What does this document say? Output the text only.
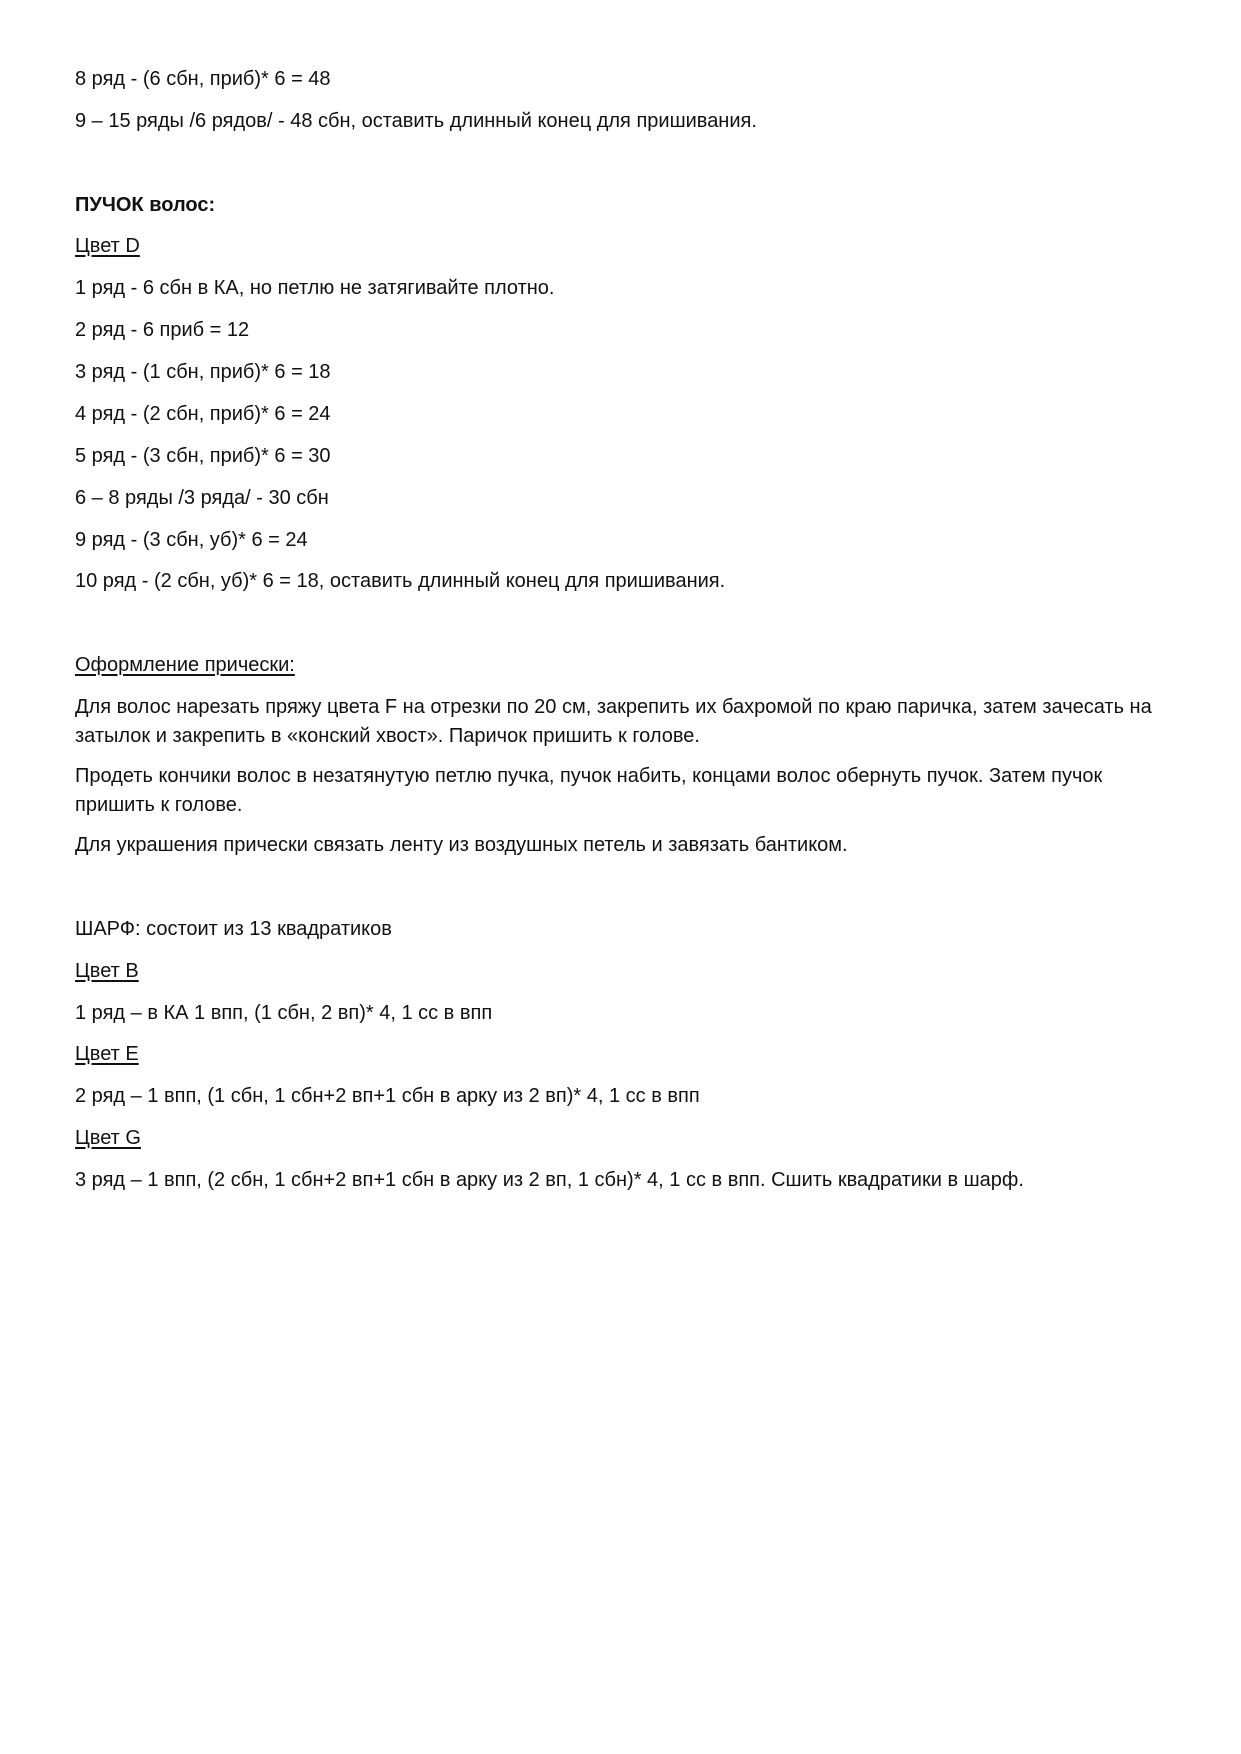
8 ряд - (6 сбн, приб)* 6 = 48
9 – 15 ряды /6 рядов/ - 48 сбн, оставить длинный конец для пришивания.
ПУЧОК волос:
Цвет D
1 ряд - 6 сбн в КА, но петлю не затягивайте плотно.
2 ряд - 6 приб = 12
3 ряд - (1 сбн, приб)* 6 = 18
4 ряд - (2 сбн, приб)* 6 = 24
5 ряд - (3 сбн, приб)* 6 = 30
6 – 8 ряды /3 ряда/ - 30 сбн
9 ряд - (3 сбн, уб)* 6 = 24
10 ряд - (2 сбн, уб)* 6 = 18, оставить длинный конец для пришивания.
Оформление прически:
Для волос нарезать пряжу цвета F на отрезки по 20 см, закрепить их бахромой по краю паричка, затем зачесать на затылок и закрепить в «конский хвост». Паричок пришить к голове.
Продеть кончики волос в незатянутую петлю пучка, пучок набить, концами волос обернуть пучок. Затем пучок пришить к голове.
Для украшения прически связать ленту из воздушных петель и завязать бантиком.
ШАРФ: состоит из 13 квадратиков
Цвет B
1 ряд – в КА 1 впп, (1 сбн, 2 вп)* 4, 1 сс в впп
Цвет E
2 ряд – 1 впп, (1 сбн, 1 сбн+2 вп+1 сбн в арку из 2 вп)* 4, 1 сс в впп
Цвет G
3 ряд – 1 впп, (2 сбн, 1 сбн+2 вп+1 сбн в арку из 2 вп, 1 сбн)* 4, 1 сс в впп. Сшить квадратики в шарф.
